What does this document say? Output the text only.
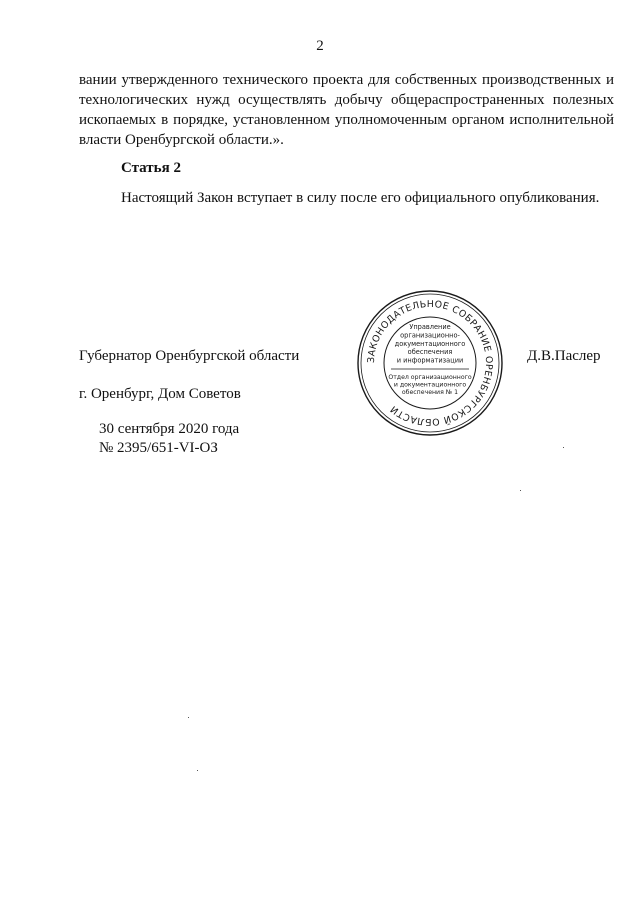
2

вании утвержденного технического проекта для собственных производственных и технологических нужд осуществлять добычу общераспространенных полезных ископаемых в порядке, установленном уполномоченным органом исполнительной власти Оренбургской области.».

Статья 2
Настоящий Закон вступает в силу после его официального опубликования.
Губернатор Оренбургской области	Д.В.Паслер
г. Оренбург, Дом Советов
30 сентября 2020 года
№ 2395/651-VI-ОЗ
ЗАКОНОДАТЕЛЬНОЕ СОБРАНИЕ ОРЕНБУРГСКОЙ ОБЛАСТИ
Управление
организационно-
документационного
обеспечения
и информатизации
Отдел организационного
и документационного
обеспечения № 1
